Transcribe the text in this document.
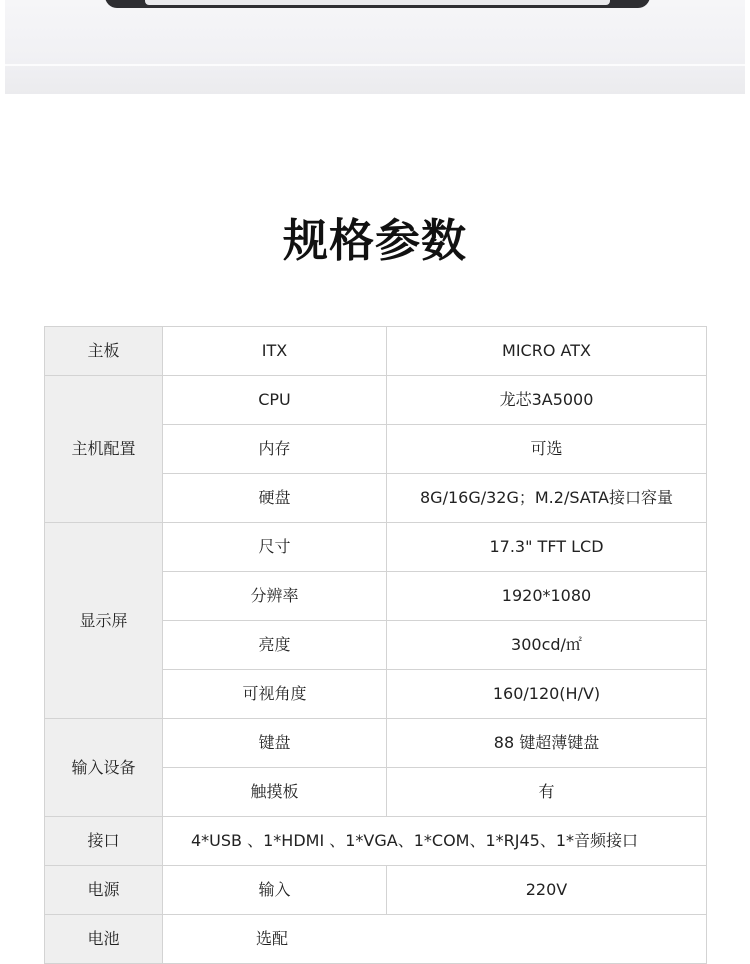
规格参数
主板	ITX	MICRO ATX
主机配置	CPU	龙芯3A5000
	内存	可选
	硬盘	8G/16G/32G；M.2/SATA接口容量
显示屏	尺寸	17.3" TFT LCD
	分辨率	1920*1080
	亮度	300cd/㎡
	可视角度	160/120(H/V)
输入设备	键盘	88 键超薄键盘
	触摸板	有
接口	4*USB 、1*HDMI 、1*VGA、1*COM、1*RJ45、1*音频接口	
电源	输入	220V
电池	选配	
